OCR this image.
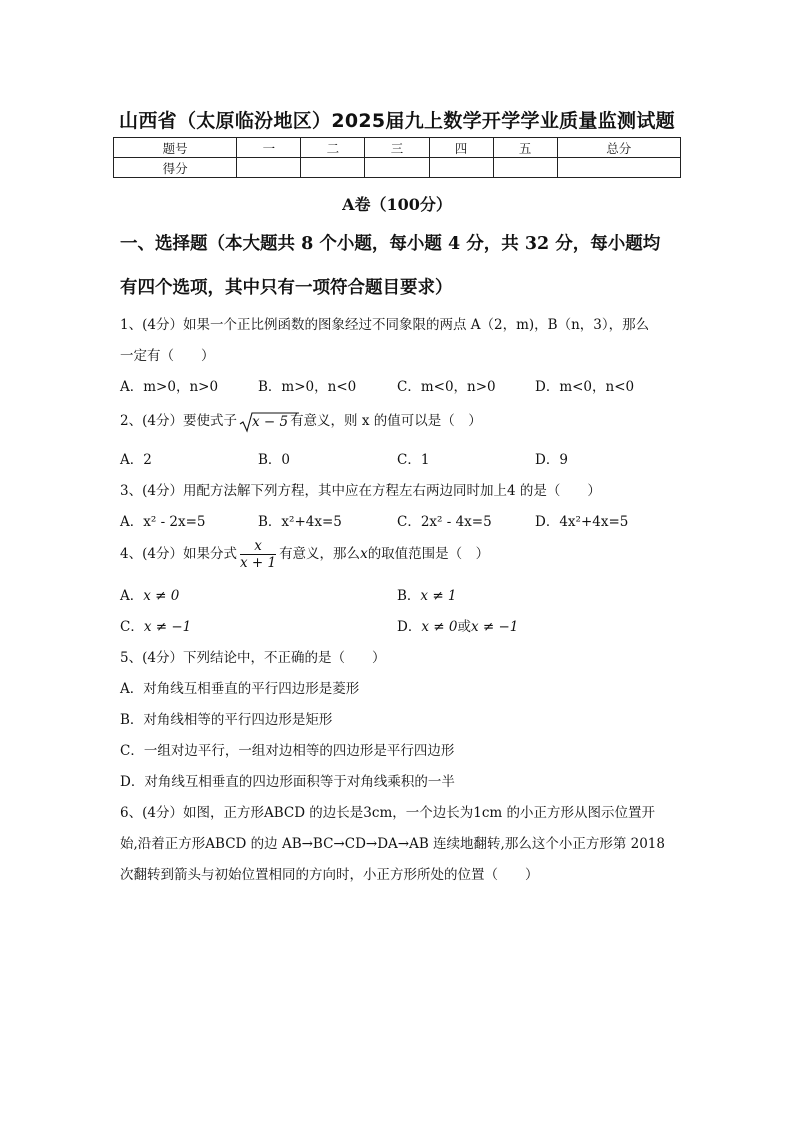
山西省（太原临汾地区）2025届九上数学开学学业质量监测试题
题号	一	二	三	四	五	总分
得分						
A卷（100分）
一、选择题（本大题共 8 个小题，每小题 4 分，共 32 分，每小题均
有四个选项，其中只有一项符合题目要求）
1、(4分）如果一个正比例函数的图象经过不同象限的两点 A（2，m)，B（n，3），那么
一定有（　　）
A．m>0，n>0	B．m>0，n<0	C．m<0，n>0	D．m<0，n<0
2、(4分）要使式子 x − 5 有意义，则 x 的值可以是（　）
A．2	B．0	C．1	D．9
3、(4分）用配方法解下列方程，其中应在方程左右两边同时加上4 的是（　　）
A．x² - 2x=5	B．x²+4x=5	C．2x² - 4x=5	D．4x²+4x=5
4、(4分）如果分式 $\frac{x}{x + 1}$ 有意义，那么x的取值范围是（　）
A．x ≠ 0	B．x ≠ 1
C．x ≠ −1	D．x ≠ 0或x ≠ −1
5、(4分）下列结论中，不正确的是（　　）
A．对角线互相垂直的平行四边形是菱形
B．对角线相等的平行四边形是矩形
C．一组对边平行，一组对边相等的四边形是平行四边形
D．对角线互相垂直的四边形面积等于对角线乘积的一半
6、(4分）如图，正方形ABCD 的边长是3cm，一个边长为1cm 的小正方形从图示位置开
始,沿着正方形ABCD 的边 AB→BC→CD→DA→AB 连续地翻转,那么这个小正方形第 2018
次翻转到箭头与初始位置相同的方向时，小正方形所处的位置（　　）
